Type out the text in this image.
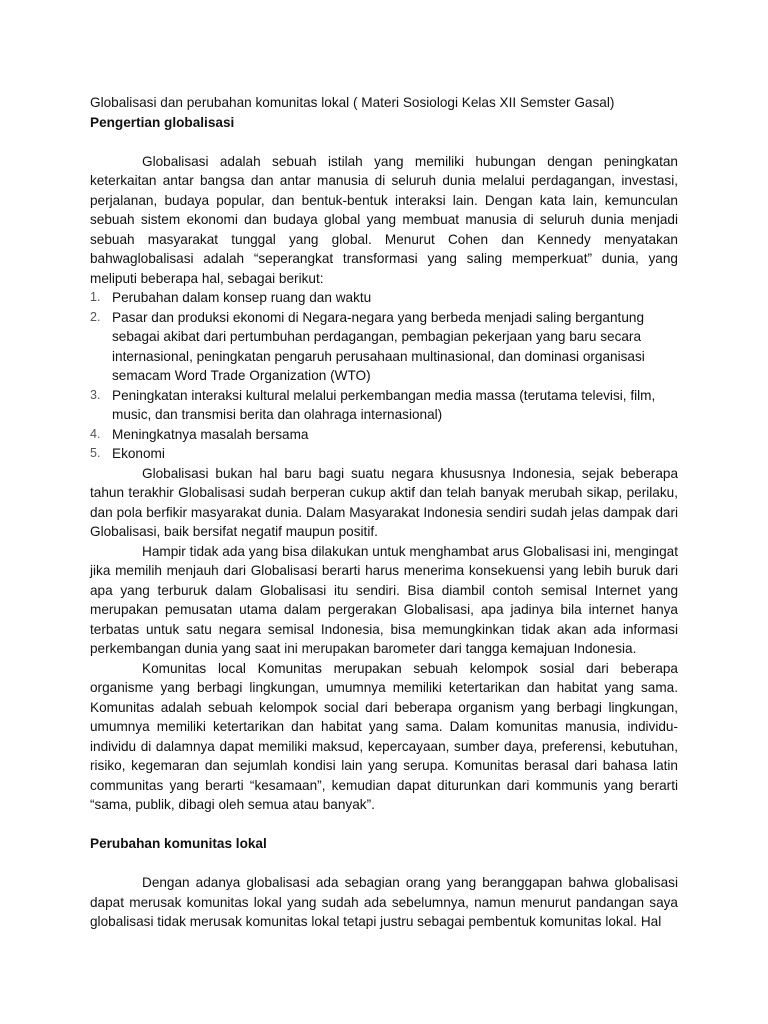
Globalisasi dan perubahan komunitas lokal ( Materi Sosiologi Kelas XII Semster Gasal)

Pengertian globalisasi

Globalisasi adalah sebuah istilah yang memiliki hubungan dengan peningkatan keterkaitan antar bangsa dan antar manusia di seluruh dunia melalui perdagangan, investasi, perjalanan, budaya popular, dan bentuk-bentuk interaksi lain. Dengan kata lain, kemunculan sebuah sistem ekonomi dan budaya global yang membuat manusia di seluruh dunia menjadi sebuah masyarakat tunggal yang global. Menurut Cohen dan Kennedy menyatakan bahwaglobalisasi adalah “seperangkat transformasi yang saling memperkuat” dunia, yang meliputi beberapa hal, sebagai berikut:

1. Perubahan dalam konsep ruang dan waktu
2. Pasar dan produksi ekonomi di Negara-negara yang berbeda menjadi saling bergantung sebagai akibat dari pertumbuhan perdagangan, pembagian pekerjaan yang baru secara internasional, peningkatan pengaruh perusahaan multinasional, dan dominasi organisasi semacam Word Trade Organization (WTO)
3. Peningkatan interaksi kultural melalui perkembangan media massa (terutama televisi, film, music, dan transmisi berita dan olahraga internasional)
4. Meningkatnya masalah bersama
5. Ekonomi

Globalisasi bukan hal baru bagi suatu negara khususnya Indonesia, sejak beberapa tahun terakhir Globalisasi sudah berperan cukup aktif dan telah banyak merubah sikap, perilaku, dan pola berfikir masyarakat dunia. Dalam Masyarakat Indonesia sendiri sudah jelas dampak dari Globalisasi, baik bersifat negatif maupun positif.

Hampir tidak ada yang bisa dilakukan untuk menghambat arus Globalisasi ini, mengingat jika memilih menjauh dari Globalisasi berarti harus menerima konsekuensi yang lebih buruk dari apa yang terburuk dalam Globalisasi itu sendiri. Bisa diambil contoh semisal Internet yang merupakan pemusatan utama dalam pergerakan Globalisasi, apa jadinya bila internet hanya terbatas untuk satu negara semisal Indonesia, bisa memungkinkan tidak akan ada informasi perkembangan dunia yang saat ini merupakan barometer dari tangga kemajuan Indonesia.

Komunitas local Komunitas merupakan sebuah kelompok sosial dari beberapa organisme yang berbagi lingkungan, umumnya memiliki ketertarikan dan habitat yang sama. Komunitas adalah sebuah kelompok social dari beberapa organism yang berbagi lingkungan, umumnya memiliki ketertarikan dan habitat yang sama. Dalam komunitas manusia, individu-individu di dalamnya dapat memiliki maksud, kepercayaan, sumber daya, preferensi, kebutuhan, risiko, kegemaran dan sejumlah kondisi lain yang serupa. Komunitas berasal dari bahasa latin communitas yang berarti “kesamaan”, kemudian dapat diturunkan dari kommunis yang berarti “sama, publik, dibagi oleh semua atau banyak”.

Perubahan komunitas lokal

Dengan adanya globalisasi ada sebagian orang yang beranggapan bahwa globalisasi dapat merusak komunitas lokal yang sudah ada sebelumnya, namun menurut pandangan saya globalisasi tidak merusak komunitas lokal tetapi justru sebagai pembentuk komunitas lokal. Hal
